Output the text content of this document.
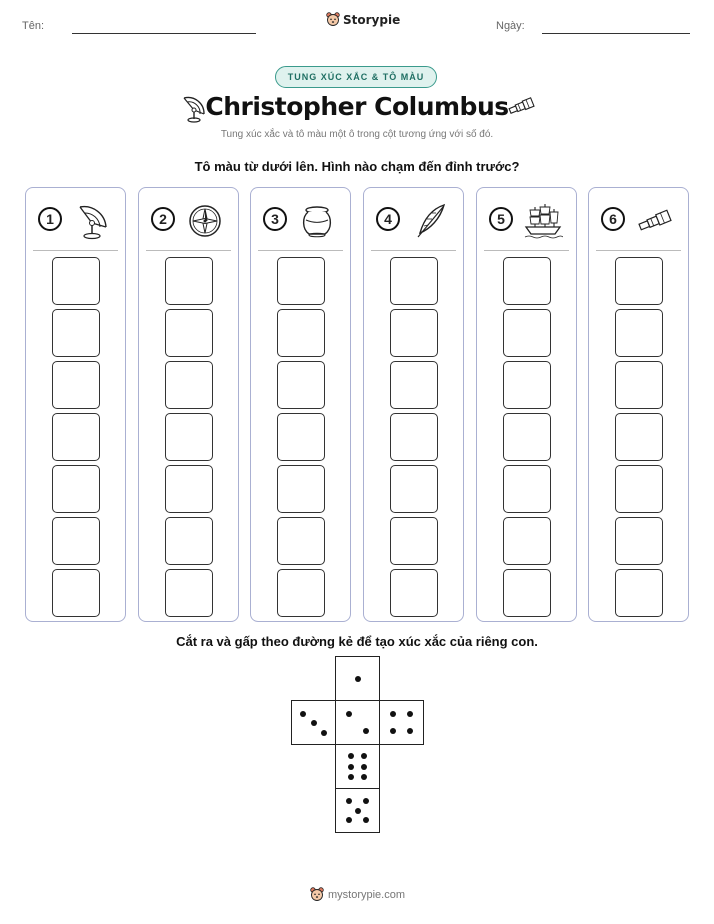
Tên:	Storypie	Ngày:
TUNG XÚC XẮC & TÔ MÀU
Christopher Columbus
Tung xúc xắc và tô màu một ô trong cột tương ứng với số đó.
Tô màu từ dưới lên. Hình nào chạm đến đỉnh trước?
1	2	3	4	5	6
Cắt ra và gấp theo đường kẻ để tạo xúc xắc của riêng con.
mystorypie.com
